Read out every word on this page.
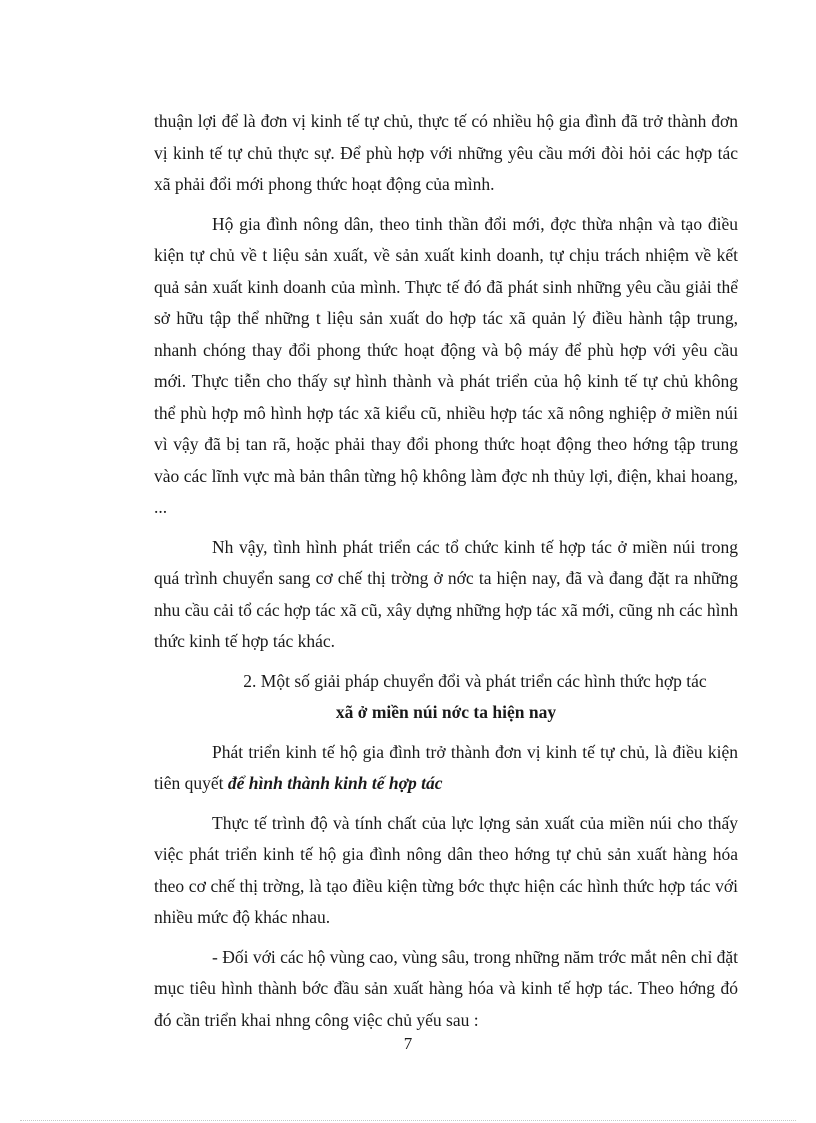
thuận lợi để là đơn vị kinh tế tự chủ, thực tế có nhiều hộ gia đình đã trở thành đơn vị kinh tế tự chủ thực sự. Để phù hợp với những yêu cầu mới đòi hỏi các hợp tác xã phải đổi mới phong thức hoạt động của mình.

Hộ gia đình nông dân, theo tinh thần đổi mới, đợc thừa nhận và tạo điều kiện tự chủ về t liệu sản xuất, về sản xuất kinh doanh, tự chịu trách nhiệm về kết quả sản xuất kinh doanh của mình. Thực tế đó đã phát sinh những yêu cầu giải thể sở hữu tập thể những t liệu sản xuất do hợp tác xã quản lý điều hành tập trung, nhanh chóng thay đổi phong thức hoạt động và bộ máy để phù hợp với yêu cầu mới. Thực tiễn cho thấy sự hình thành và phát triển của hộ kinh tế tự chủ không thể phù hợp mô hình hợp tác xã kiểu cũ, nhiều hợp tác xã nông nghiệp ở miền núi vì vậy đã bị tan rã, hoặc phải thay đổi phong thức hoạt động theo hớng tập trung vào các lĩnh vực mà bản thân từng hộ không làm đợc nh thủy lợi, điện, khai hoang, ...

Nh vậy, tình hình phát triển các tổ chức kinh tế hợp tác ở miền núi trong quá trình chuyển sang cơ chế thị trờng ở nớc ta hiện nay, đã và đang đặt ra những nhu cầu cải tổ các hợp tác xã cũ, xây dựng những hợp tác xã mới, cũng nh các hình thức kinh tế hợp tác khác.

2. Một số giải pháp chuyển đổi và phát triển các hình thức hợp tác

xã ở miền núi nớc ta hiện nay

Phát triển kinh tế hộ gia đình trở thành đơn vị kinh tế tự chủ, là điều kiện tiên quyết để hình thành kinh tế hợp tác

Thực tế trình độ và tính chất của lực lợng sản xuất của miền núi cho thấy việc phát triển kinh tế hộ gia đình nông dân theo hớng tự chủ sản xuất hàng hóa theo cơ chế thị trờng, là tạo điều kiện từng bớc thực hiện các hình thức hợp tác với nhiều mức độ khác nhau.

- Đối với các hộ vùng cao, vùng sâu, trong những năm trớc mắt nên chỉ đặt mục tiêu hình thành bớc đầu sản xuất hàng hóa và kinh tế hợp tác. Theo hớng đó đó cần triển khai nhng công việc chủ yếu sau :

7
